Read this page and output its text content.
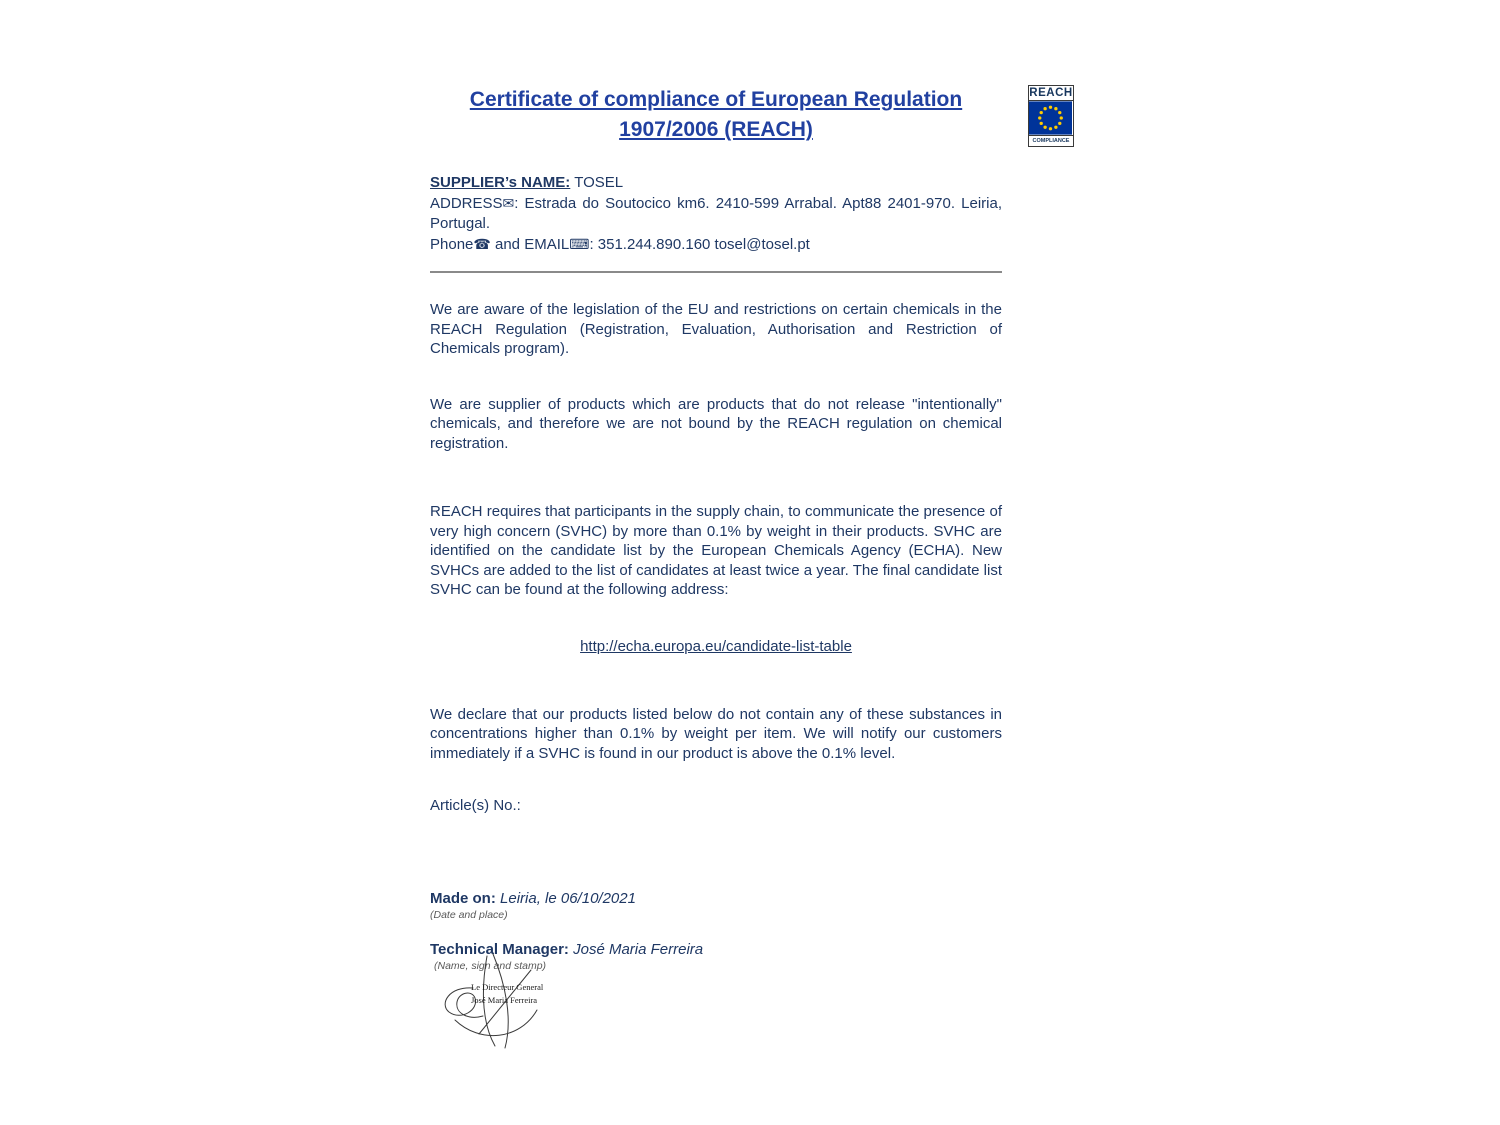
REACH
COMPLIANCE
Certificate of compliance of European Regulation
1907/2006 (REACH)
SUPPLIER’s NAME: TOSEL
ADDRESS✉: Estrada do Soutocico km6. 2410-599 Arrabal. Apt88 2401-970. Leiria, Portugal.
Phone☎ and EMAIL⌨: 351.244.890.160 tosel@tosel.pt

We are aware of the legislation of the EU and restrictions on certain chemicals in the REACH Regulation (Registration, Evaluation, Authorisation and Restriction of Chemicals program).

We are supplier of products which are products that do not release "intentionally" chemicals, and therefore we are not bound by the REACH regulation on chemical registration.

REACH requires that participants in the supply chain, to communicate the presence of very high concern (SVHC) by more than 0.1% by weight in their products. SVHC are identified on the candidate list by the European Chemicals Agency (ECHA). New SVHCs are added to the list of candidates at least twice a year. The final candidate list SVHC can be found at the following address:

http://echa.europa.eu/candidate-list-table

We declare that our products listed below do not contain any of these substances in concentrations higher than 0.1% by weight per item. We will notify our customers immediately if a SVHC is found in our product is above the 0.1% level.

Article(s) No.:
Made on: Leiria, le 06/10/2021
(Date and place)
Technical Manager: José Maria Ferreira
(Name, sign and stamp)
Le Directeur General
José Maria Ferreira
